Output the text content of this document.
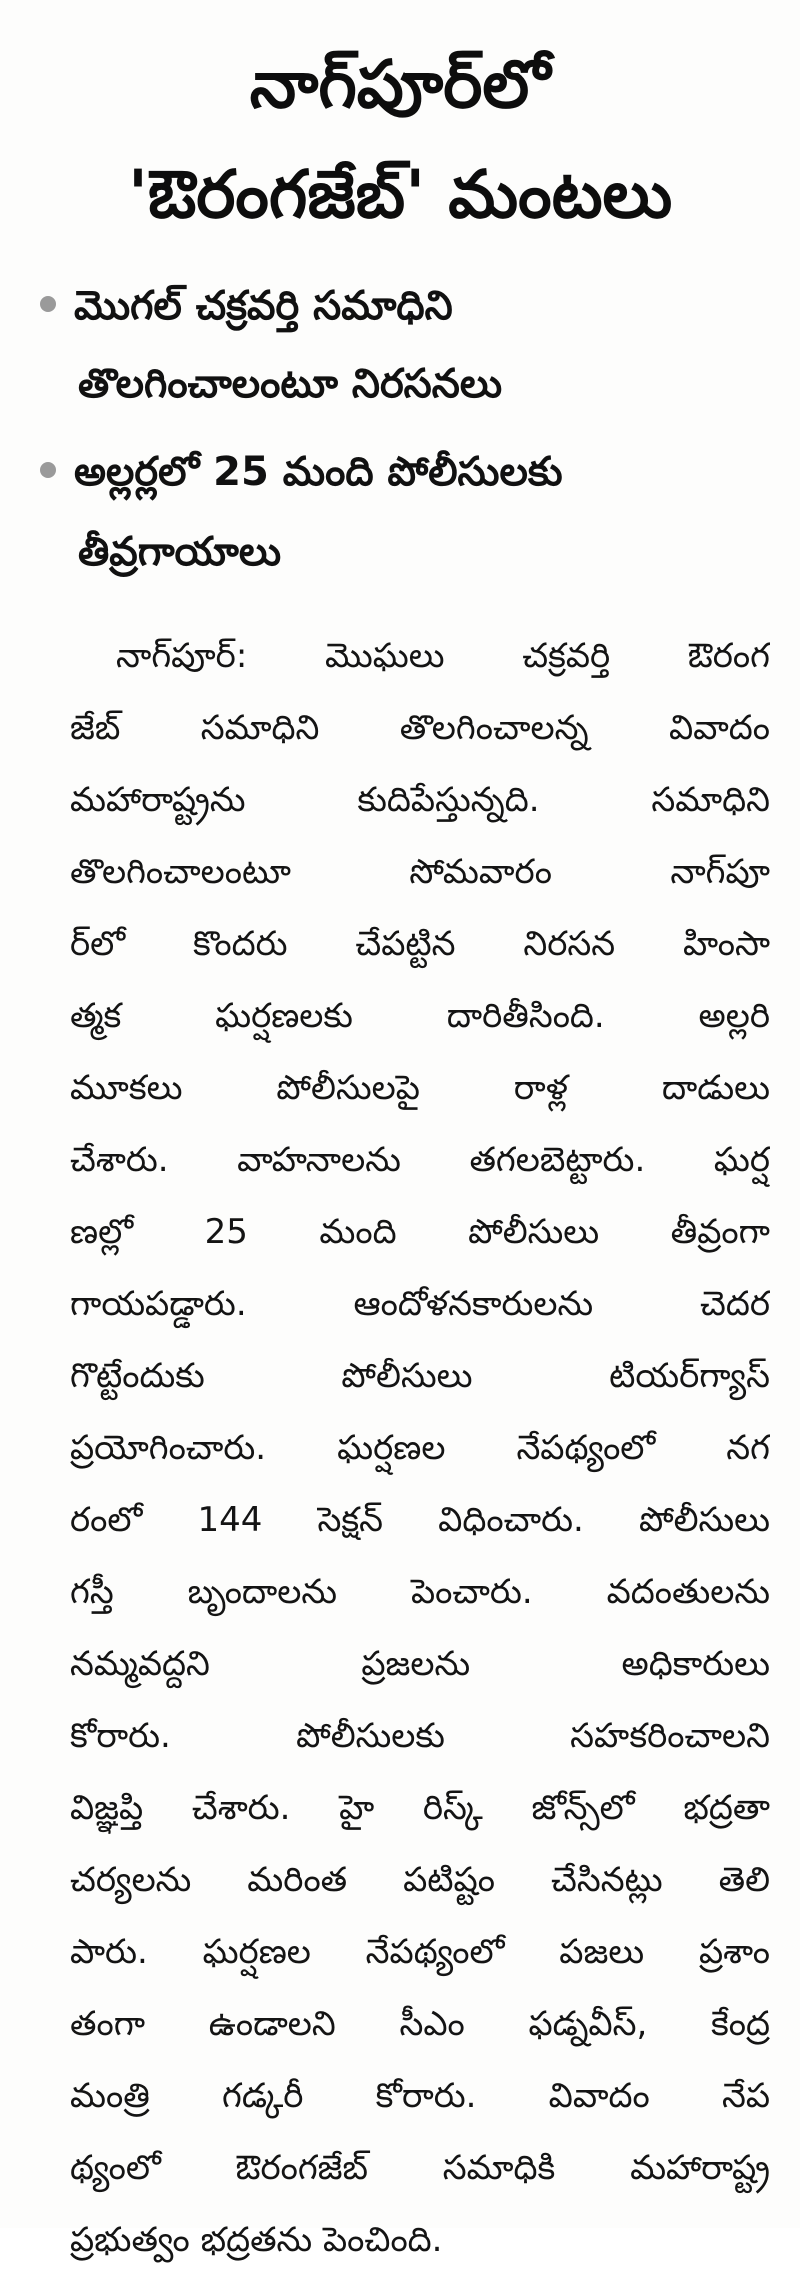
నాగ్‌పూర్‌లో
'ఔరంగజేబ్' మంటలు
మొగల్ చక్రవర్తి సమాధిని
తొలగించాలంటూ నిరసనలు
అల్లర్లలో 25 మంది పోలీసులకు
తీవ్రగాయాలు
నాగ్‌పూర్: మొఘలు చక్రవర్తి ఔరంగ
జేబ్ సమాధిని తొలగించాలన్న వివాదం
మహారాష్ట్రను కుదిపేస్తున్నది. సమాధిని
తొలగించాలంటూ సోమవారం నాగ్‌పూ
ర్‌లో కొందరు చేపట్టిన నిరసన హింసా
త్మక ఘర్షణలకు దారితీసింది. అల్లరి
మూకలు పోలీసులపై రాళ్ల దాడులు
చేశారు. వాహనాలను తగలబెట్టారు. ఘర్ష
ణల్లో 25 మంది పోలీసులు తీవ్రంగా
గాయపడ్డారు. ఆందోళనకారులను చెదర
గొట్టేందుకు పోలీసులు టియర్‌గ్యాస్
ప్రయోగించారు. ఘర్షణల నేపథ్యంలో నగ
రంలో 144 సెక్షన్ విధించారు. పోలీసులు
గస్తీ బృందాలను పెంచారు. వదంతులను
నమ్మవద్దని ప్రజలను అధికారులు
కోరారు. పోలీసులకు సహకరించాలని
విజ్ఞప్తి చేశారు. హై రిస్క్ జోన్స్‌లో భద్రతా
చర్యలను మరింత పటిష్టం చేసినట్లు తెలి
పారు. ఘర్షణల నేపథ్యంలో పజలు ప్రశాం
తంగా ఉండాలని సీఎం ఫడ్నవీస్, కేంద్ర
మంత్రి గడ్కరీ కోరారు. వివాదం నేప
థ్యంలో ఔరంగజేబ్ సమాధికి మహారాష్ట్ర
ప్రభుత్వం భద్రతను పెంచింది.
